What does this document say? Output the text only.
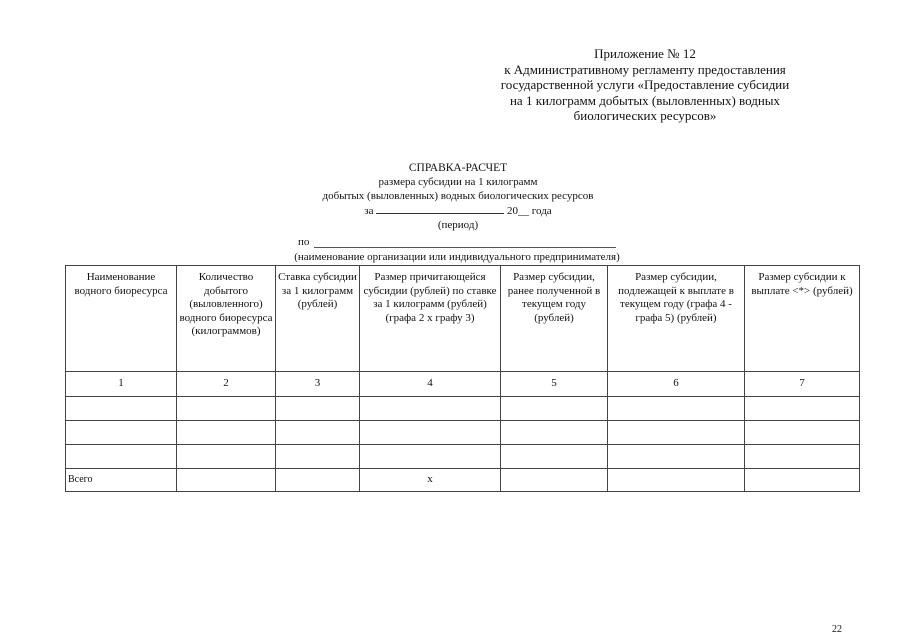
Приложение № 12
к Административному регламенту предоставления
государственной услуги «Предоставление субсидии
на 1 килограмм добытых (выловленных) водных
биологических ресурсов»
СПРАВКА-РАСЧЕТ
размера субсидии на 1 килограмм
добытых (выловленных) водных биологических ресурсов
за	20__ года
(период)
по
(наименование организации или индивидуального предпринимателя)
Наименование водного биоресурса	Количество добытого (выловленного) водного биоресурса (килограммов)	Ставка субсидии за 1 килограмм (рублей)	Размер причитающейся субсидии (рублей) по ставке за 1 килограмм (рублей) (графа 2 х графу 3)	Размер субсидии, ранее полученной в текущем году (рублей)	Размер субсидии, подлежащей к выплате в текущем году (графа 4 - графа 5) (рублей)	Размер субсидии к выплате <*> (рублей)
1	2	3	4	5	6	7

Всего			x			
22
